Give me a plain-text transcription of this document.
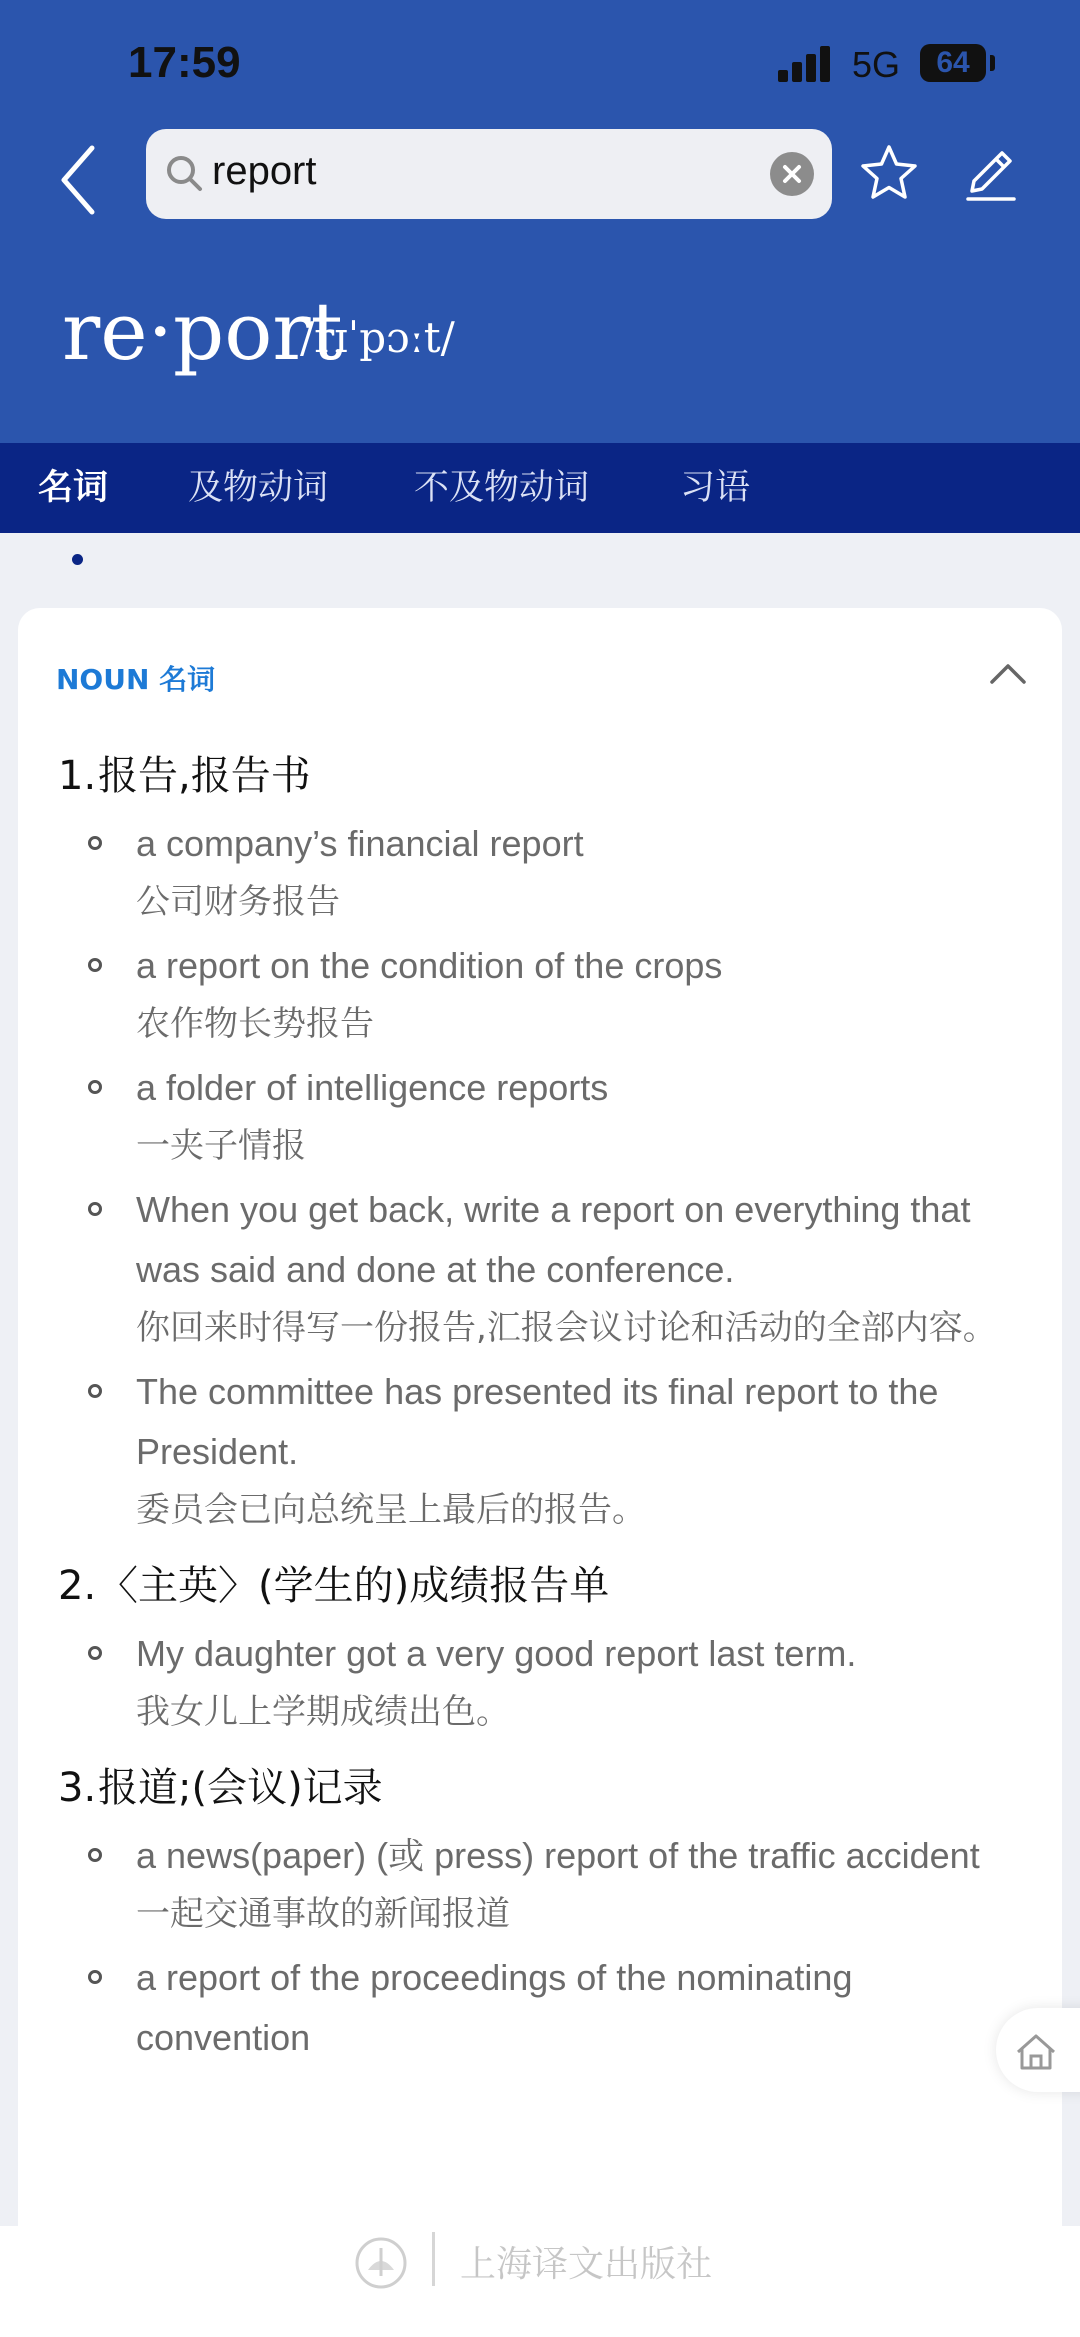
17:59	5G	64
report
re·port
/rɪˈpɔːt/
名词 及物动词 不及物动词	习语
NOUN 名词
1. 报告,报告书
a company’s financial report
公司财务报告
a report on the condition of the crops
农作物长势报告
a folder of intelligence reports
一夹子情报
When you get back, write a report on everything that was said and done at the conference.
你回来时得写一份报告,汇报会议讨论和活动的全部内容。
The committee has presented its final report to the President.
委员会已向总统呈上最后的报告。
2. 〈主英〉(学生的)成绩报告单
My daughter got a very good report last term.
我女儿上学期成绩出色。
3. 报道;(会议)记录
a news(paper) (或 press) report of the traffic accident
一起交通事故的新闻报道
a report of the proceedings of the nominating convention
上海译文出版社
